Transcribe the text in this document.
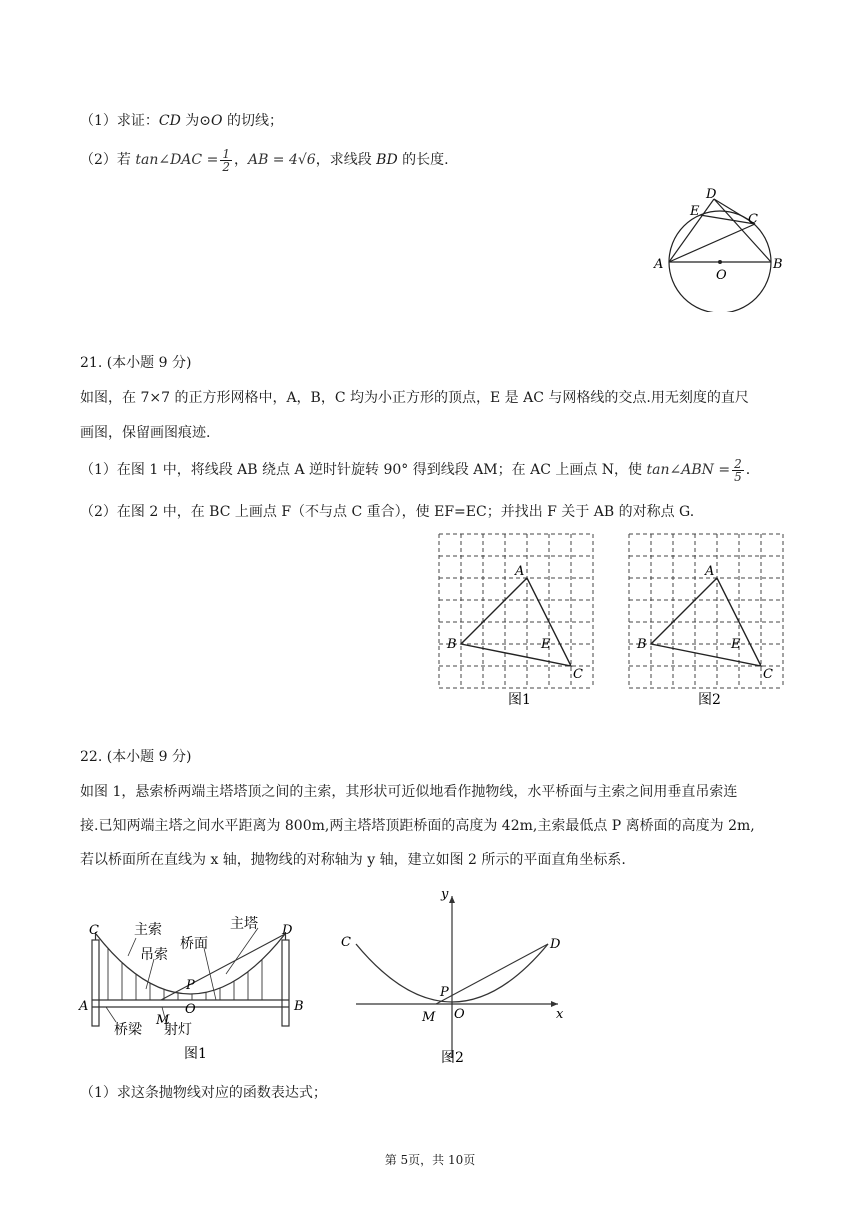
（1）求证：CD 为⊙O 的切线；
（2）若 tan∠DAC = $\frac{1}{2}$ ，AB = 4√6，求线段 BD 的长度.
D
E
C
A
O
B
21. (本小题 9 分)
如图，在 7×7 的正方形网格中，A，B，C 均为小正方形的顶点，E 是 AC 与网格线的交点.用无刻度的直尺
画图，保留画图痕迹.
（1）在图 1 中，将线段 AB 绕点 A 逆时针旋转 90° 得到线段 AM；在 AC 上画点 N，使 tan∠ABN = $\frac{2}{5}$ .
（2）在图 2 中，在 BC 上画点 F（不与点 C 重合），使 EF=EC；并找出 F 关于 AB 的对称点 G.
A
B
C
E
A
B
C
E
图1	图2
22. (本小题 9 分)
如图 1，悬索桥两端主塔塔顶之间的主索，其形状可近似地看作抛物线，水平桥面与主索之间用垂直吊索连
接.已知两端主塔之间水平距离为 800m,两主塔塔顶距桥面的高度为 42m,主索最低点 P 离桥面的高度为 2m,
若以桥面所在直线为 x 轴，抛物线的对称轴为 y 轴，建立如图 2 所示的平面直角坐标系.
C	D
A	B
P
O
M
主索
吊索
桥面
主塔
桥梁 射灯
图1
y
x
C	D
P
M O
图2
（1）求这条抛物线对应的函数表达式；
第 5页，共 10页
